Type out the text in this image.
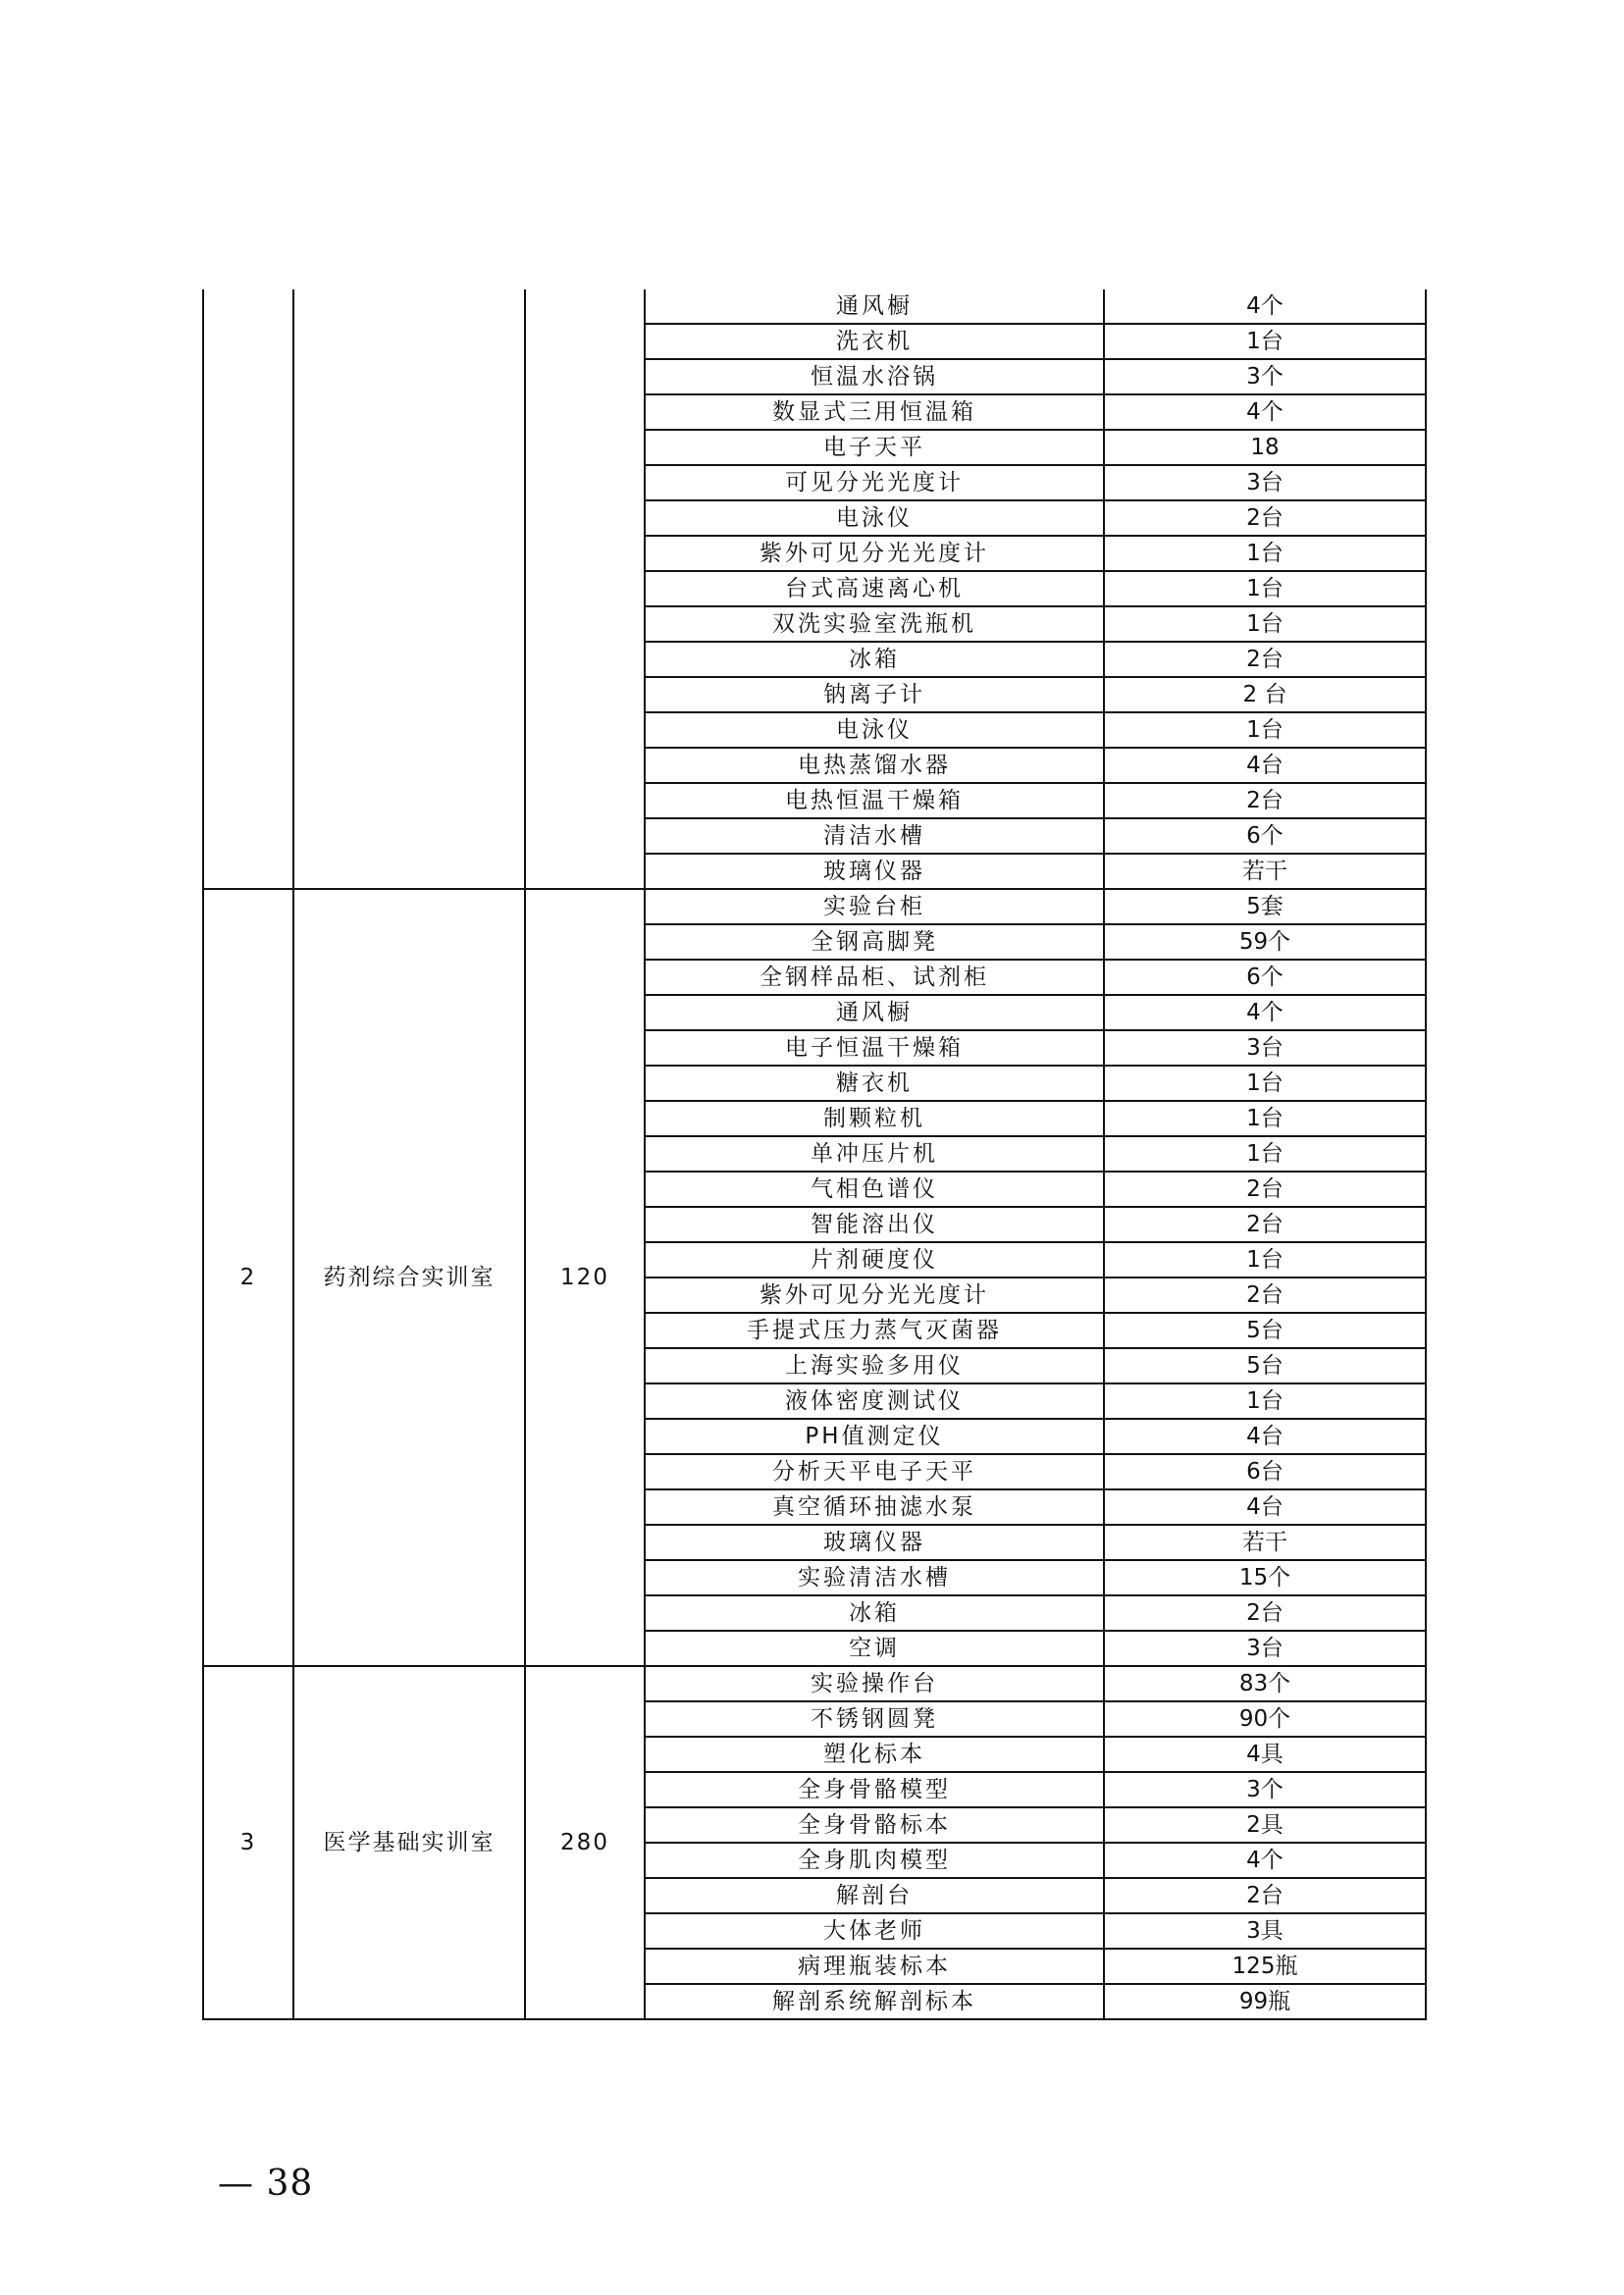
			通风橱	4个
			洗衣机	1台
			恒温水浴锅	3个
			数显式三用恒温箱	4个
			电子天平	18
			可见分光光度计	3台
			电泳仪	2台
			紫外可见分光光度计	1台
			台式高速离心机	1台
			双洗实验室洗瓶机	1台
			冰箱	2台
			钠离子计	2 台
			电泳仪	1台
			电热蒸馏水器	4台
			电热恒温干燥箱	2台
			清洁水槽	6个
			玻璃仪器	若干
2	药剂综合实训室	120	实验台柜	5套
			全钢高脚凳	59个
			全钢样品柜、试剂柜	6个
			通风橱	4个
			电子恒温干燥箱	3台
			糖衣机	1台
			制颗粒机	1台
			单冲压片机	1台
			气相色谱仪	2台
			智能溶出仪	2台
			片剂硬度仪	1台
			紫外可见分光光度计	2台
			手提式压力蒸气灭菌器	5台
			上海实验多用仪	5台
			液体密度测试仪	1台
			PH值测定仪	4台
			分析天平电子天平	6台
			真空循环抽滤水泵	4台
			玻璃仪器	若干
			实验清洁水槽	15个
			冰箱	2台
			空调	3台
3	医学基础实训室	280	实验操作台	83个
			不锈钢圆凳	90个
			塑化标本	4具
			全身骨骼模型	3个
			全身骨骼标本	2具
			全身肌肉模型	4个
			解剖台	2台
			大体老师	3具
			病理瓶装标本	125瓶
			解剖系统解剖标本	99瓶
— 38
